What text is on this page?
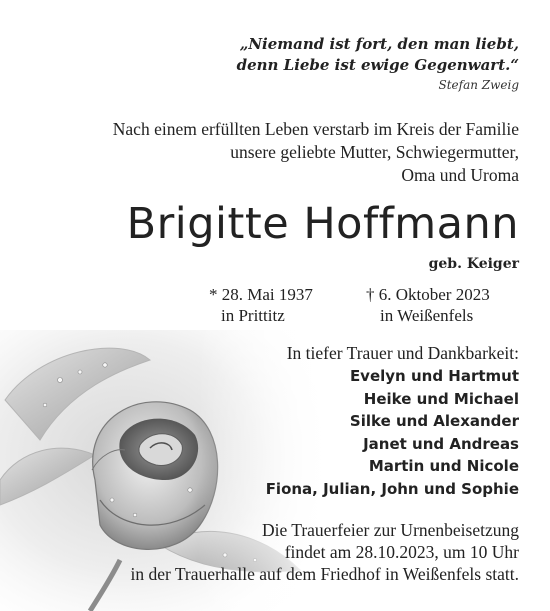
„Niemand ist fort, den man liebt,
denn Liebe ist ewige Gegenwart.“
Stefan Zweig
Nach einem erfüllten Leben verstarb im Kreis der Familie
unsere geliebte Mutter, Schwiegermutter,
Oma und Uroma
Brigitte Hoffmann
geb. Keiger
* 28. Mai 1937
in Prittitz
† 6. Oktober 2023
in Weißenfels
In tiefer Trauer und Dankbarkeit:
Evelyn und Hartmut
Heike und Michael
Silke und Alexander
Janet und Andreas
Martin und Nicole
Fiona, Julian, John und Sophie
Die Trauerfeier zur Urnenbeisetzung
findet am 28.10.2023, um 10 Uhr
in der Trauerhalle auf dem Friedhof in Weißenfels statt.
